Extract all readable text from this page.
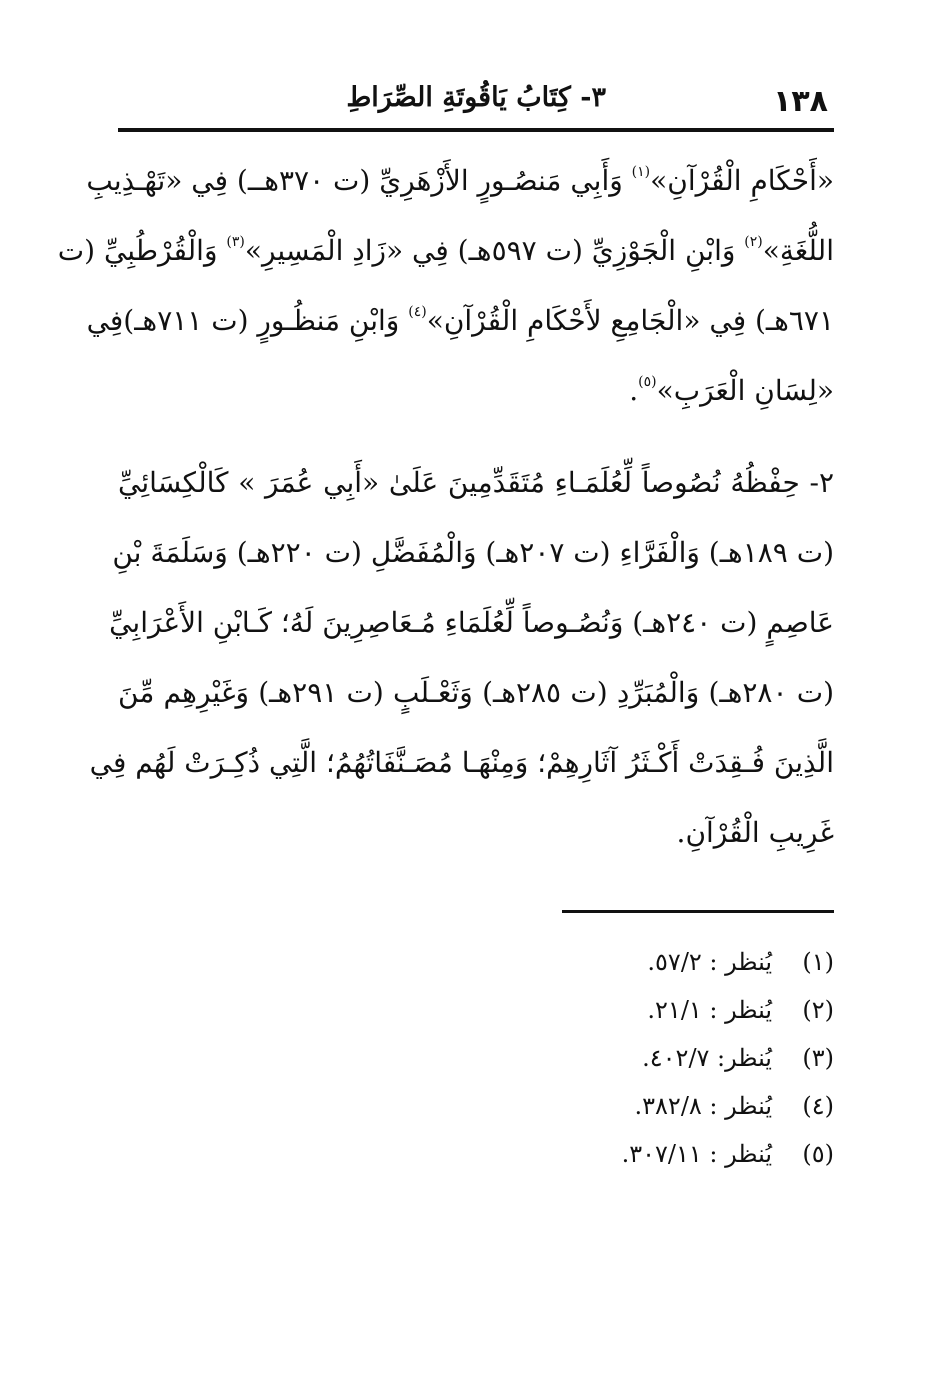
١٣٨
٣- كِتَابُ يَاقُوتَةِ الصِّرَاطِ
«أَحْكَامِ الْقُرْآنِ»$^{(١)}$ وَأَبِي مَنصُـورٍ الأَزْهَرِيِّ (ت ٣٧٠هــ) فِي «تَهْـذِيبِ
اللُّغَةِ»$^{(٢)}$ وَابْنِ الْجَوْزِيِّ (ت ٥٩٧هـ) فِي «زَادِ الْمَسِيرِ»$^{(٣)}$ وَالْقُرْطُبِيِّ (ت
٦٧١هـ) فِي «الْجَامِعِ لأَحْكَامِ الْقُرْآنِ»$^{(٤)}$ وَابْنِ مَنظُـورٍ (ت ٧١١هـ)فِي
«لِسَانِ الْعَرَبِ»$^{(٥)}$.
٢- حِفْظُهُ نُصُوصاً لِّعُلَمَـاءِ مُتَقَدِّمِينَ عَلَىٰ «أَبِي عُمَرَ » كَالْكِسَائِيِّ
(ت ١٨٩هـ) وَالْفَرَّاءِ (ت ٢٠٧هـ) وَالْمُفَضَّلِ (ت ٢٢٠هـ) وَسَلَمَةَ بْنِ
عَاصِمٍ (ت ٢٤٠هـ) وَنُصُـوصاً لِّعُلَمَاءِ مُـعَاصِرِينَ لَهُ؛ كَـابْنِ الأَعْرَابِيِّ
(ت ٢٨٠هـ) وَالْمُبَرِّدِ (ت ٢٨٥هـ) وَثَعْـلَبٍ (ت ٢٩١هـ) وَغَيْرِهِم مِّنَ
الَّذِينَ فُـقِدَتْ أَكْـثَرُ آثَارِهِمْ؛ وَمِنْهَـا مُصَـنَّفَاتُهُمُ؛ الَّتِي ذُكِـرَتْ لَهُم فِي
غَرِيبِ الْقُرْآنِ.
(١)يُنظر : ٥٧/٢.
(٢)يُنظر : ٢١/١.
(٣)يُنظر: ٤٠٢/٧.
(٤)يُنظر : ٣٨٢/٨.
(٥)يُنظر : ٣٠٧/١١.
